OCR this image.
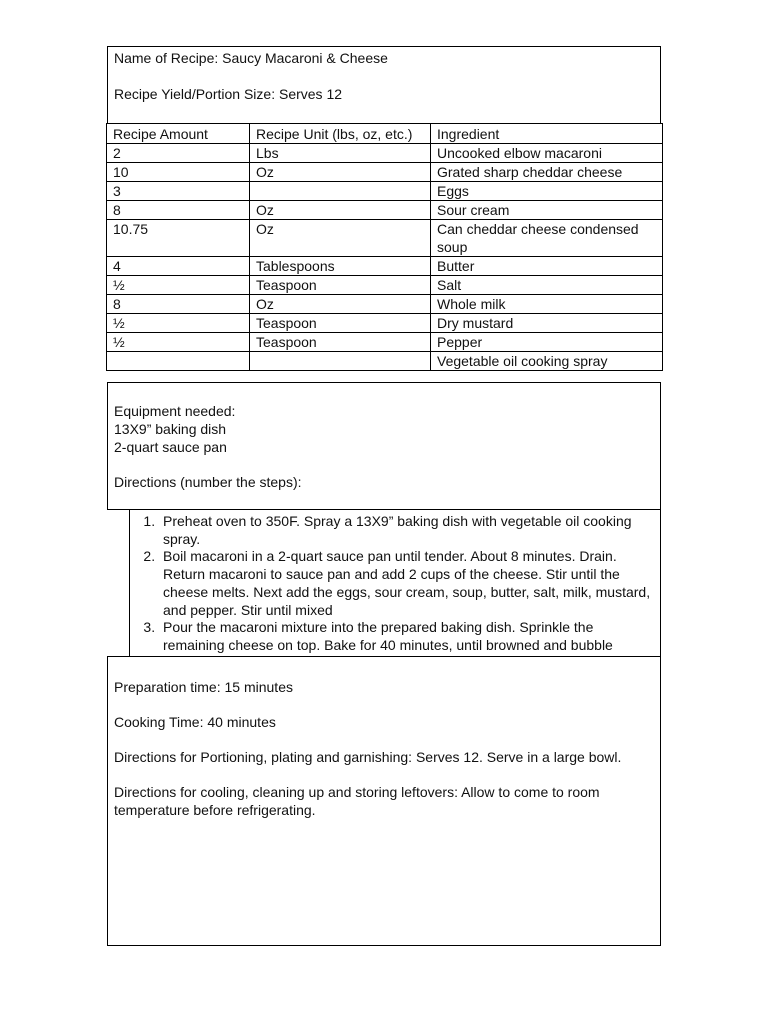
Name of Recipe: Saucy Macaroni & Cheese
Recipe Yield/Portion Size: Serves 12
Recipe Amount	Recipe Unit (lbs, oz, etc.)	Ingredient
2	Lbs	Uncooked elbow macaroni
10	Oz	Grated sharp cheddar cheese
3		Eggs
8	Oz	Sour cream
10.75	Oz	Can cheddar cheese condensed soup
4	Tablespoons	Butter
½	Teaspoon	Salt
8	Oz	Whole milk
½	Teaspoon	Dry mustard
½	Teaspoon	Pepper
		Vegetable oil cooking spray
Equipment needed:
13X9” baking dish
2-quart sauce pan
Directions (number the steps):
1. Preheat oven to 350F. Spray a 13X9” baking dish with vegetable oil cooking spray.
2. Boil macaroni in a 2-quart sauce pan until tender. About 8 minutes. Drain. Return macaroni to sauce pan and add 2 cups of the cheese. Stir until the cheese melts. Next add the eggs, sour cream, soup, butter, salt, milk, mustard, and pepper. Stir until mixed
3. Pour the macaroni mixture into the prepared baking dish. Sprinkle the remaining cheese on top. Bake for 40 minutes, until browned and bubble
Preparation time: 15 minutes
Cooking Time: 40 minutes
Directions for Portioning, plating and garnishing: Serves 12. Serve in a large bowl.
Directions for cooling, cleaning up and storing leftovers: Allow to come to room temperature before refrigerating.
